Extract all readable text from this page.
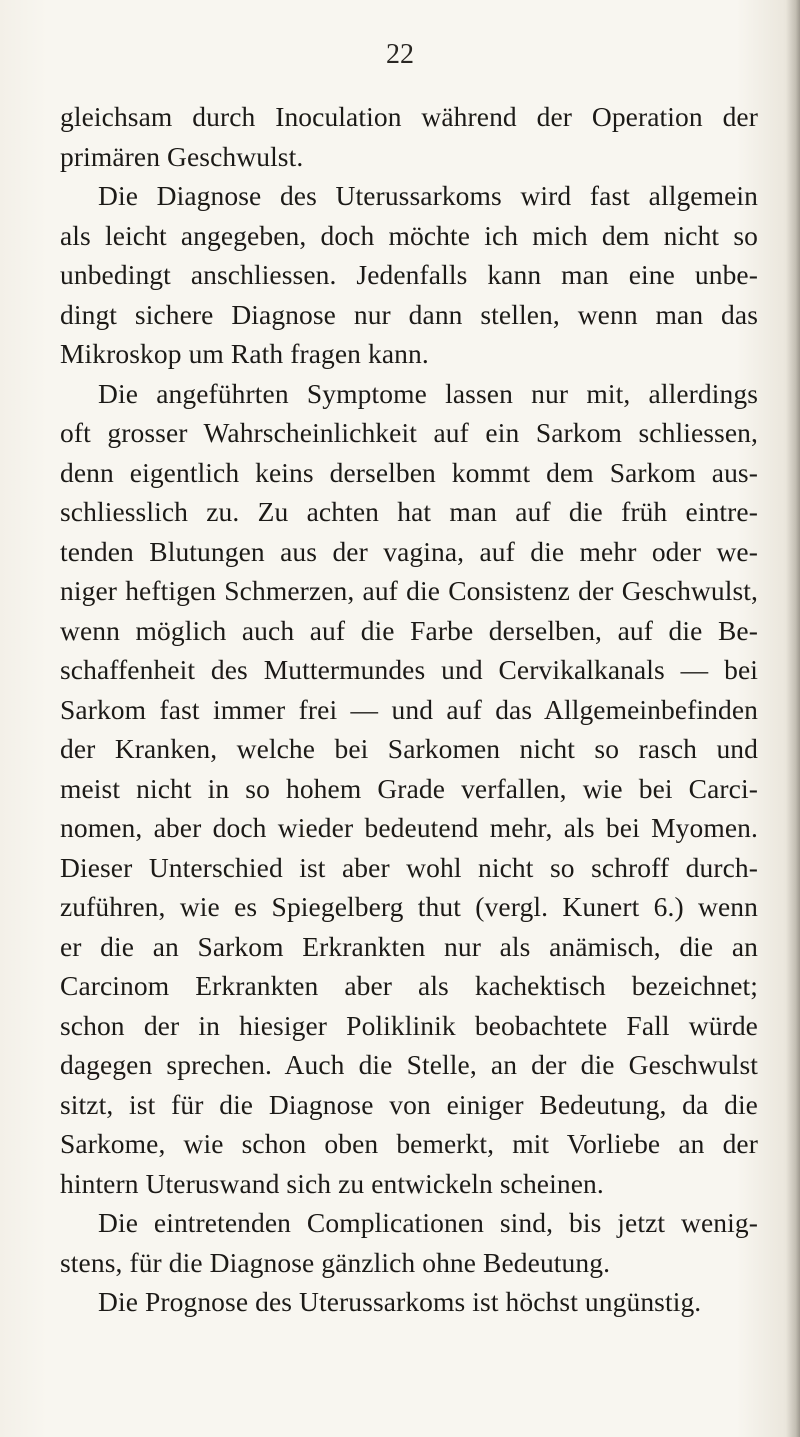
22
gleichsam durch Inoculation während der Operation der
primären Geschwulst.
Die Diagnose des Uterussarkoms wird fast allgemein
als leicht angegeben, doch möchte ich mich dem nicht so
unbedingt anschliessen. Jedenfalls kann man eine unbe-
dingt sichere Diagnose nur dann stellen, wenn man das
Mikroskop um Rath fragen kann.
Die angeführten Symptome lassen nur mit, allerdings
oft grosser Wahrscheinlichkeit auf ein Sarkom schliessen,
denn eigentlich keins derselben kommt dem Sarkom aus-
schliesslich zu. Zu achten hat man auf die früh eintre-
tenden Blutungen aus der vagina, auf die mehr oder we-
niger heftigen Schmerzen, auf die Consistenz der Geschwulst,
wenn möglich auch auf die Farbe derselben, auf die Be-
schaffenheit des Muttermundes und Cervikalkanals — bei
Sarkom fast immer frei — und auf das Allgemeinbefinden
der Kranken, welche bei Sarkomen nicht so rasch und
meist nicht in so hohem Grade verfallen, wie bei Carci-
nomen, aber doch wieder bedeutend mehr, als bei Myomen.
Dieser Unterschied ist aber wohl nicht so schroff durch-
zuführen, wie es Spiegelberg thut (vergl. Kunert 6.) wenn
er die an Sarkom Erkrankten nur als anämisch, die an
Carcinom Erkrankten aber als kachektisch bezeichnet;
schon der in hiesiger Poliklinik beobachtete Fall würde
dagegen sprechen. Auch die Stelle, an der die Geschwulst
sitzt, ist für die Diagnose von einiger Bedeutung, da die
Sarkome, wie schon oben bemerkt, mit Vorliebe an der
hintern Uteruswand sich zu entwickeln scheinen.
Die eintretenden Complicationen sind, bis jetzt wenig-
stens, für die Diagnose gänzlich ohne Bedeutung.
Die Prognose des Uterussarkoms ist höchst ungünstig.
